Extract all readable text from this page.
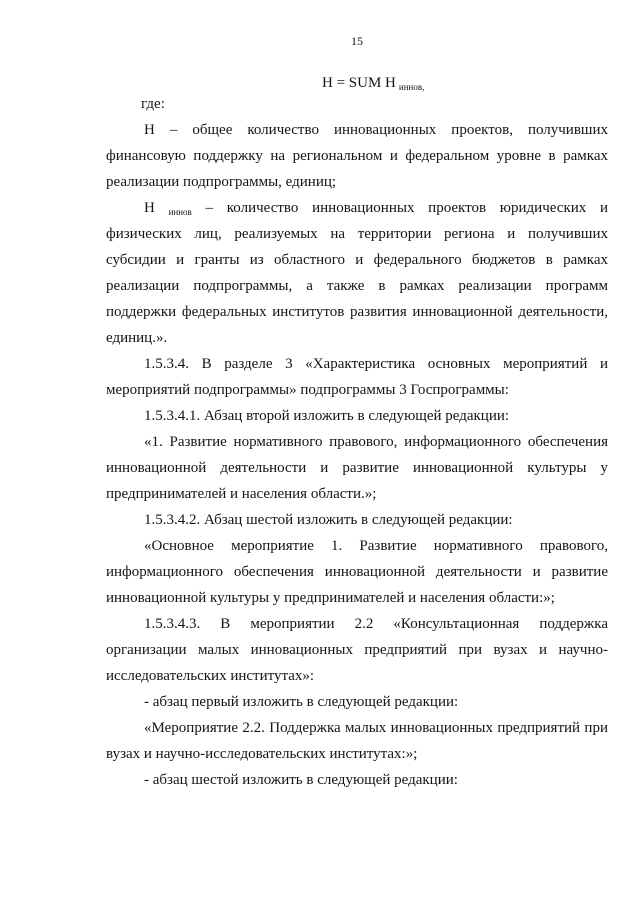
15
Н = SUM Н $_{иннов,}$
где:
Н – общее количество инновационных проектов, получивших
финансовую поддержку на региональном и федеральном уровне в рамках
реализации подпрограммы, единиц;
Н $_{иннов}$ – количество инновационных проектов юридических и
физических лиц, реализуемых на территории региона и получивших
субсидии и гранты из областного и федерального бюджетов в рамках
реализации подпрограммы, а также в рамках реализации программ
поддержки федеральных институтов развития инновационной деятельности,
единиц.».
1.5.3.4. В разделе 3 «Характеристика основных мероприятий и
мероприятий подпрограммы» подпрограммы 3 Госпрограммы:
1.5.3.4.1. Абзац второй изложить в следующей редакции:
«1. Развитие нормативного правового, информационного обеспечения
инновационной деятельности и развитие инновационной культуры у
предпринимателей и населения области.»;
1.5.3.4.2. Абзац шестой изложить в следующей редакции:
«Основное мероприятие 1. Развитие нормативного правового,
информационного обеспечения инновационной деятельности и развитие
инновационной культуры у предпринимателей и населения области:»;
1.5.3.4.3. В мероприятии 2.2 «Консультационная поддержка
организации малых инновационных предприятий при вузах и научно-
исследовательских институтах»:
- абзац первый изложить в следующей редакции:
«Мероприятие 2.2. Поддержка малых инновационных предприятий при
вузах и научно-исследовательских институтах:»;
- абзац шестой изложить в следующей редакции:
